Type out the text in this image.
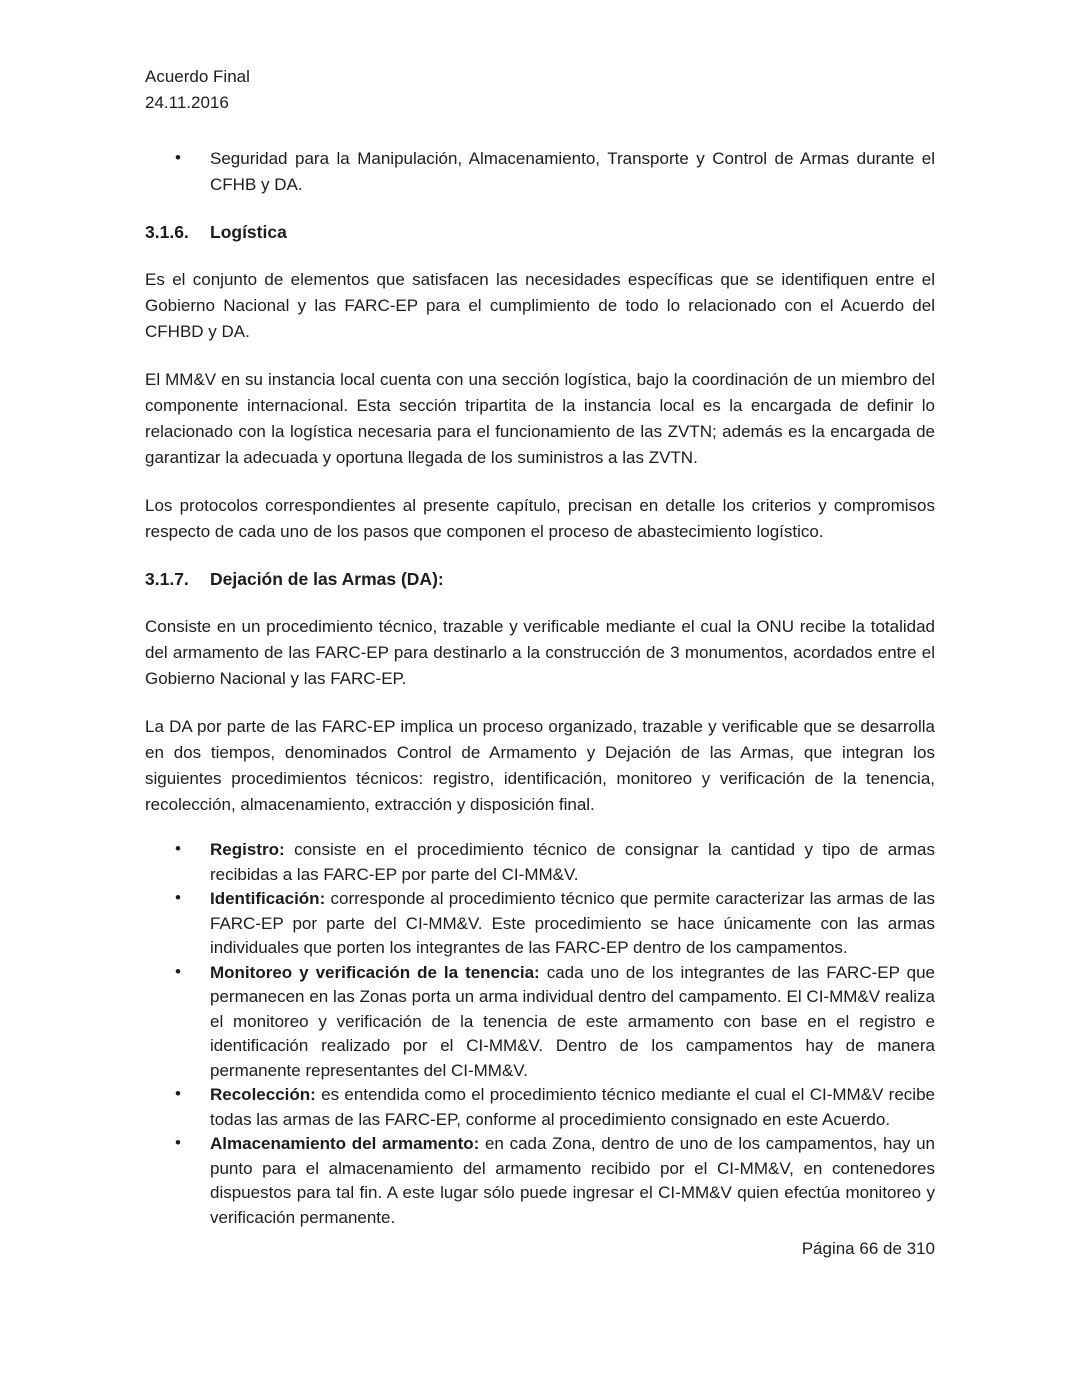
Acuerdo Final
24.11.2016
• Seguridad para la Manipulación, Almacenamiento, Transporte y Control de Armas durante el CFHB y DA.
3.1.6. Logística

Es el conjunto de elementos que satisfacen las necesidades específicas que se identifiquen entre el Gobierno Nacional y las FARC-EP para el cumplimiento de todo lo relacionado con el Acuerdo del CFHBD y DA.

El MM&V en su instancia local cuenta con una sección logística, bajo la coordinación de un miembro del componente internacional. Esta sección tripartita de la instancia local es la encargada de definir lo relacionado con la logística necesaria para el funcionamiento de las ZVTN; además es la encargada de garantizar la adecuada y oportuna llegada de los suministros a las ZVTN.

Los protocolos correspondientes al presente capítulo, precisan en detalle los criterios y compromisos respecto de cada uno de los pasos que componen el proceso de abastecimiento logístico.

3.1.7. Dejación de las Armas (DA):

Consiste en un procedimiento técnico, trazable y verificable mediante el cual la ONU recibe la totalidad del armamento de las FARC-EP para destinarlo a la construcción de 3 monumentos, acordados entre el Gobierno Nacional y las FARC-EP.

La DA por parte de las FARC-EP implica un proceso organizado, trazable y verificable que se desarrolla en dos tiempos, denominados Control de Armamento y Dejación de las Armas, que integran los siguientes procedimientos técnicos: registro, identificación, monitoreo y verificación de la tenencia, recolección, almacenamiento, extracción y disposición final.

• Registro: consiste en el procedimiento técnico de consignar la cantidad y tipo de armas recibidas a las FARC-EP por parte del CI-MM&V.
• Identificación: corresponde al procedimiento técnico que permite caracterizar las armas de las FARC-EP por parte del CI-MM&V. Este procedimiento se hace únicamente con las armas individuales que porten los integrantes de las FARC-EP dentro de los campamentos.
• Monitoreo y verificación de la tenencia: cada uno de los integrantes de las FARC-EP que permanecen en las Zonas porta un arma individual dentro del campamento. El CI-MM&V realiza el monitoreo y verificación de la tenencia de este armamento con base en el registro e identificación realizado por el CI-MM&V. Dentro de los campamentos hay de manera permanente representantes del CI-MM&V.
• Recolección: es entendida como el procedimiento técnico mediante el cual el CI-MM&V recibe todas las armas de las FARC-EP, conforme al procedimiento consignado en este Acuerdo.
• Almacenamiento del armamento: en cada Zona, dentro de uno de los campamentos, hay un punto para el almacenamiento del armamento recibido por el CI-MM&V, en contenedores dispuestos para tal fin. A este lugar sólo puede ingresar el CI-MM&V quien efectúa monitoreo y verificación permanente.
Página 66 de 310
